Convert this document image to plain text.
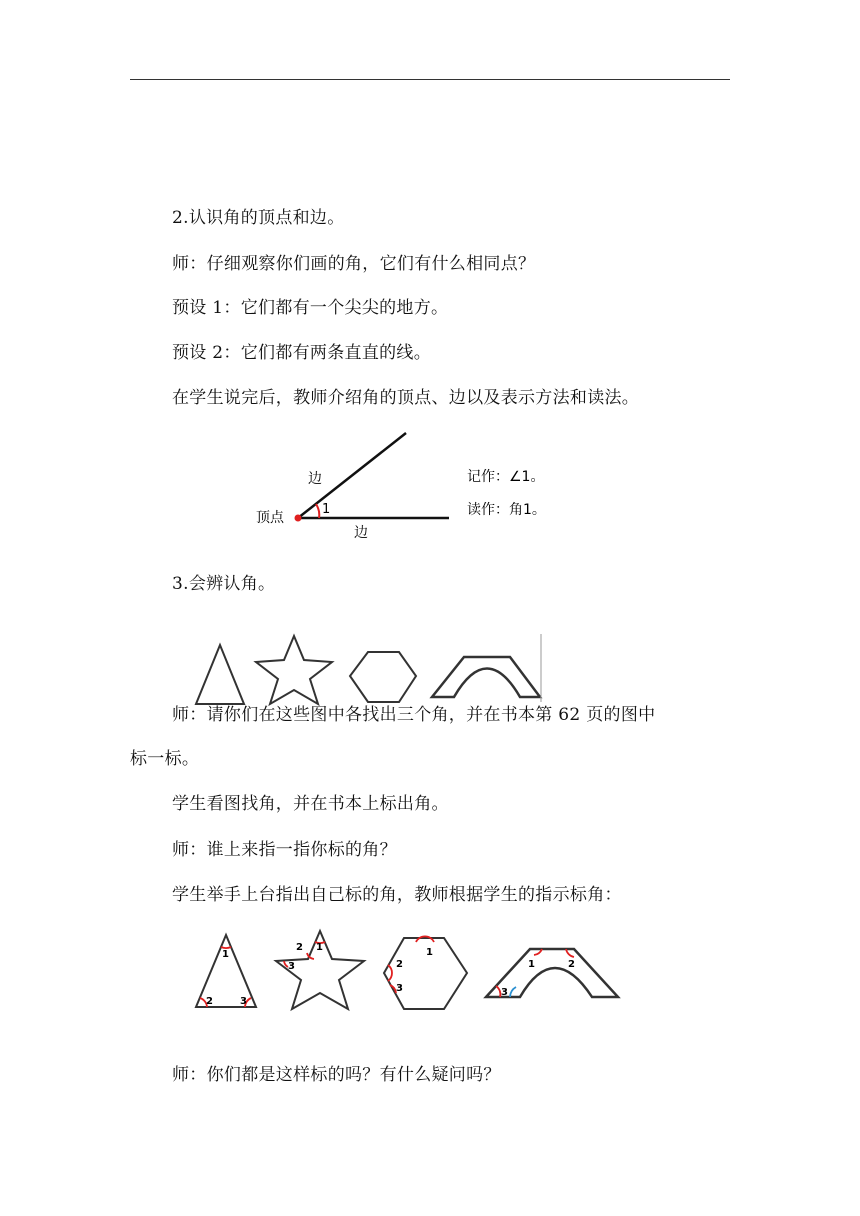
2.认识角的顶点和边。
师：仔细观察你们画的角，它们有什么相同点？
预设 1：它们都有一个尖尖的地方。
预设 2：它们都有两条直直的线。
在学生说完后，教师介绍角的顶点、边以及表示方法和读法。
边
边
顶点
1
记作：∠1。
读作：角1。
3.会辨认角。
师：请你们在这些图中各找出三个角，并在书本第 62 页的图中
标一标。
学生看图找角，并在书本上标出角。
师：谁上来指一指你标的角？
学生举手上台指出自己标的角，教师根据学生的指示标角：
1
2	3
1
2
3
1
2
3
1	2
3
师：你们都是这样标的吗？有什么疑问吗？
